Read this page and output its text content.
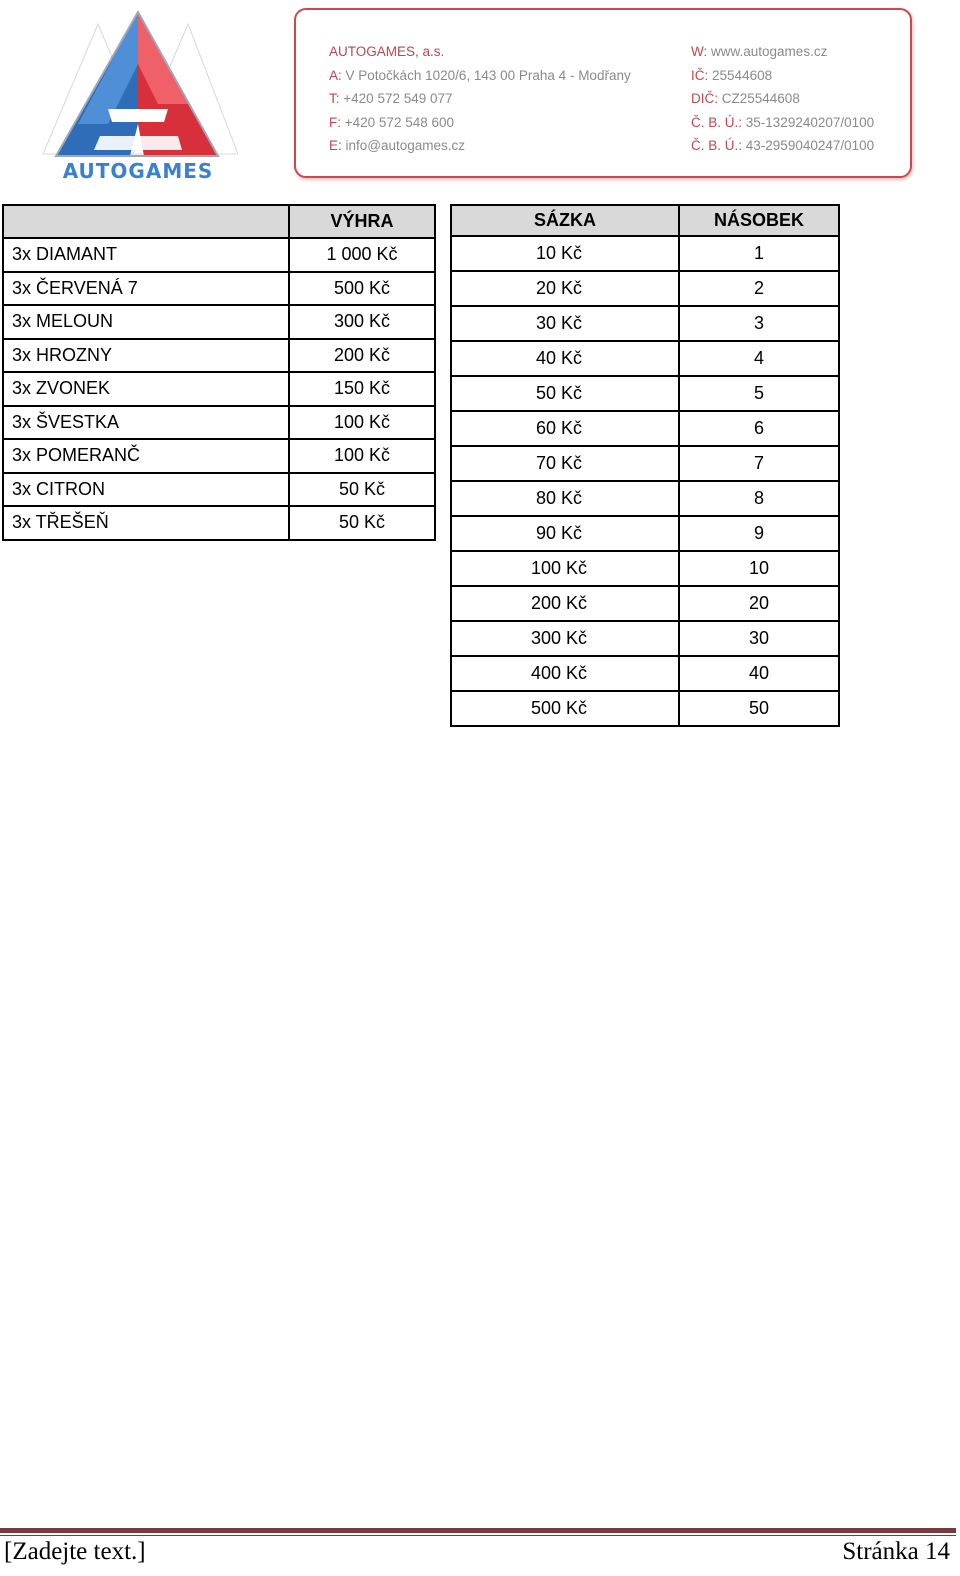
AUTOGAMES
AUTOGAMES, a.s.
A: V Potočkách 1020/6, 143 00 Praha 4 - Modřany
T: +420 572 549 077
F: +420 572 548 600
E: info@autogames.cz
W: www.autogames.cz
IČ: 25544608
DIČ: CZ25544608
Č. B. Ú.: 35-1329240207/0100
Č. B. Ú.: 43-2959040247/0100
	VÝHRA
3x DIAMANT	1 000 Kč
3x ČERVENÁ 7	500 Kč
3x MELOUN	300 Kč
3x HROZNY	200 Kč
3x ZVONEK	150 Kč
3x ŠVESTKA	100 Kč
3x POMERANČ	100 Kč
3x CITRON	50 Kč
3x TŘEŠEŇ	50 Kč
SÁZKA	NÁSOBEK
10 Kč	1
20 Kč	2
30 Kč	3
40 Kč	4
50 Kč	5
60 Kč	6
70 Kč	7
80 Kč	8
90 Kč	9
100 Kč	10
200 Kč	20
300 Kč	30
400 Kč	40
500 Kč	50
[Zadejte text.]	Stránka 14
